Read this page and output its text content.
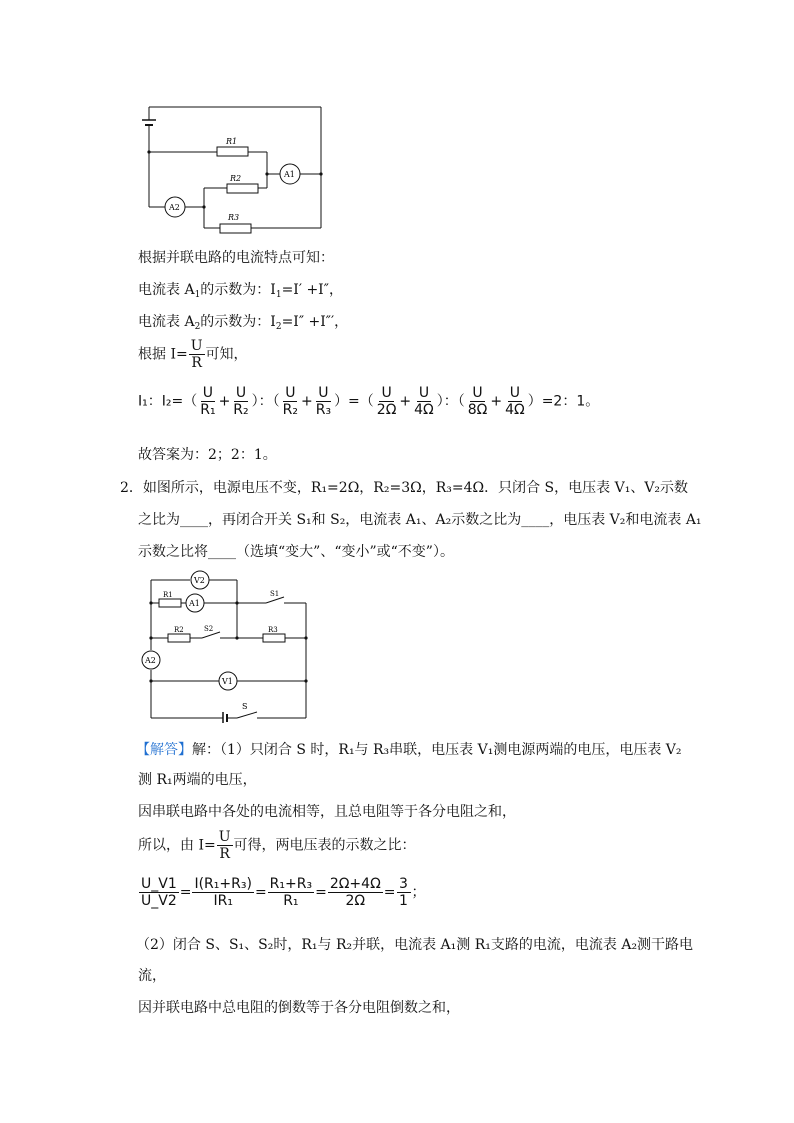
R1
R2
R3
A1
A2
根据并联电路的电流特点可知：
电流表 $A_1$的示数为：$I_1=I' +I''$，
电流表 $A_2$的示数为：$I_2=I'' +I'''$，
根据 $I= \frac{U}{R}$ 可知，
I₁：$I_2=( \frac{U}{\text{R₁}} + \frac{U}{\text{R₂}}$ ）：（ $\frac{U}{\text{R₂}} + \frac{U}{\text{R₃}}$ ）=（ $\frac{U}{2\Omega} + \frac{U}{4\Omega}$ ）：（ $\frac{U}{8\Omega} + \frac{U}{4\Omega} )=2$：1。
故答案为：2；2：1。
2．如图所示，电源电压不变，R₁=2Ω，R₂=3Ω，R₃=4Ω．只闭合 S，电压表 V₁、V₂示数
之比为____，再闭合开关 S₁和 S₂，电流表 A₁、A₂示数之比为____，电压表 V₂和电流表 A₁
示数之比将____（选填“变大”、“变小”或“不变”）。
V2
R1
A1
S1
R2	S2	R3
A2
V1
S
【解答】解：（1）只闭合 S 时，R₁与 R₃串联，电压表 V₁测电源两端的电压，电压表 V₂
测 R₁两端的电压，
因串联电路中各处的电流相等，且总电阻等于各分电阻之和，
所以，由 $I= \frac{U}{R}$ 可得，两电压表的示数之比：
$\frac{U\_V1}{U\_V2} = \frac{\text{I(R₁+R₃)}}{\text{IR₁}} = \frac{\text{R₁+R₃}}{\text{R₁}} = \frac{2\Omega+4\Omega}{2\Omega} = \frac{3}{1}$ ；
（2）闭合 S、S₁、S₂时，R₁与 R₂并联，电流表 A₁测 R₁支路的电流，电流表 A₂测干路电
流，
因并联电路中总电阻的倒数等于各分电阻倒数之和，
